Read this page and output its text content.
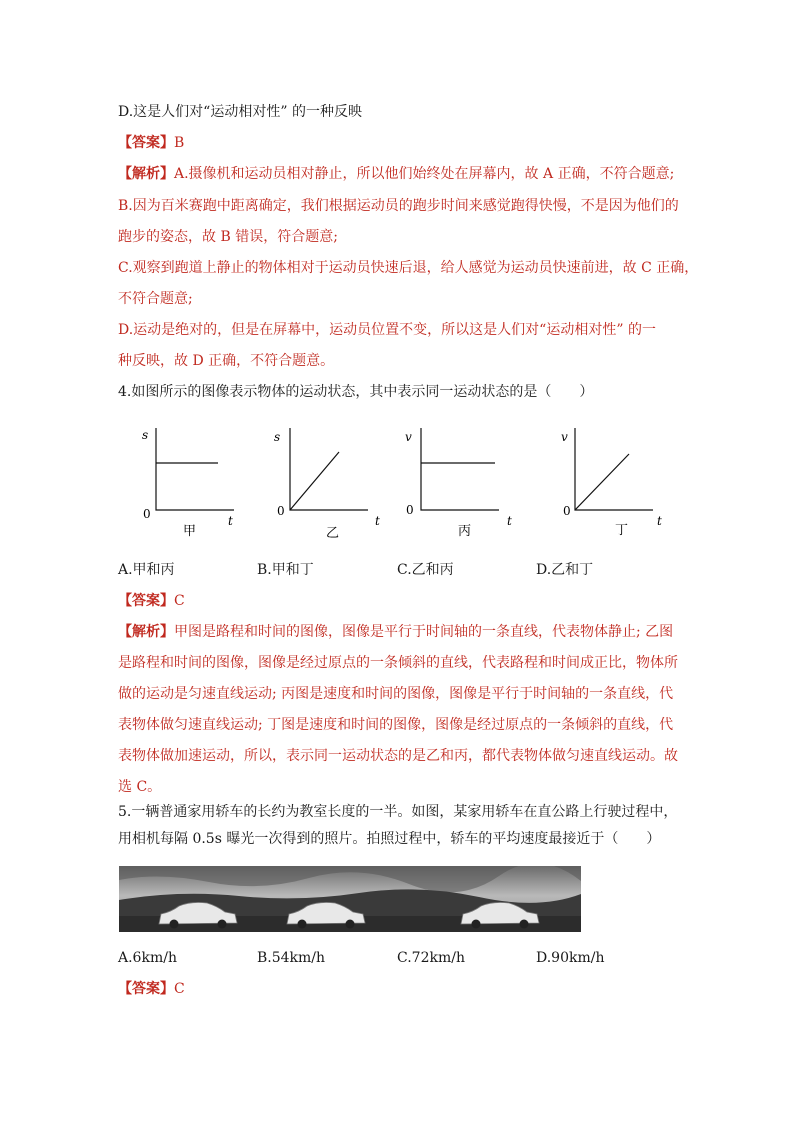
D.这是人们对“运动相对性” 的一种反映
【答案】B
【解析】A.摄像机和运动员相对静止，所以他们始终处在屏幕内，故 A 正确，不符合题意;
B.因为百米赛跑中距离确定，我们根据运动员的跑步时间来感觉跑得快慢，不是因为他们的
跑步的姿态，故 B 错误，符合题意;
C.观察到跑道上静止的物体相对于运动员快速后退，给人感觉为运动员快速前进，故 C 正确，
不符合题意;
D.运动是绝对的，但是在屏幕中，运动员位置不变，所以这是人们对“运动相对性” 的一
种反映，故 D 正确，不符合题意。
4.如图所示的图像表示物体的运动状态，其中表示同一运动状态的是（　　）
s
0	t
甲
s
0
t
乙
v
0
t
丙
v
0
t
丁
A.甲和丙	B.甲和丁	C.乙和丙	D.乙和丁
【答案】C
【解析】甲图是路程和时间的图像，图像是平行于时间轴的一条直线，代表物体静止; 乙图
是路程和时间的图像，图像是经过原点的一条倾斜的直线，代表路程和时间成正比，物体所
做的运动是匀速直线运动; 丙图是速度和时间的图像，图像是平行于时间轴的一条直线，代
表物体做匀速直线运动; 丁图是速度和时间的图像，图像是经过原点的一条倾斜的直线，代
表物体做加速运动，所以，表示同一运动状态的是乙和丙，都代表物体做匀速直线运动。故
选 C。
5.一辆普通家用轿车的长约为教室长度的一半。如图，某家用轿车在直公路上行驶过程中，
用相机每隔 0.5s 曝光一次得到的照片。拍照过程中，轿车的平均速度最接近于（　　）
A.6km/h	B.54km/h	C.72km/h	D.90km/h
【答案】C
